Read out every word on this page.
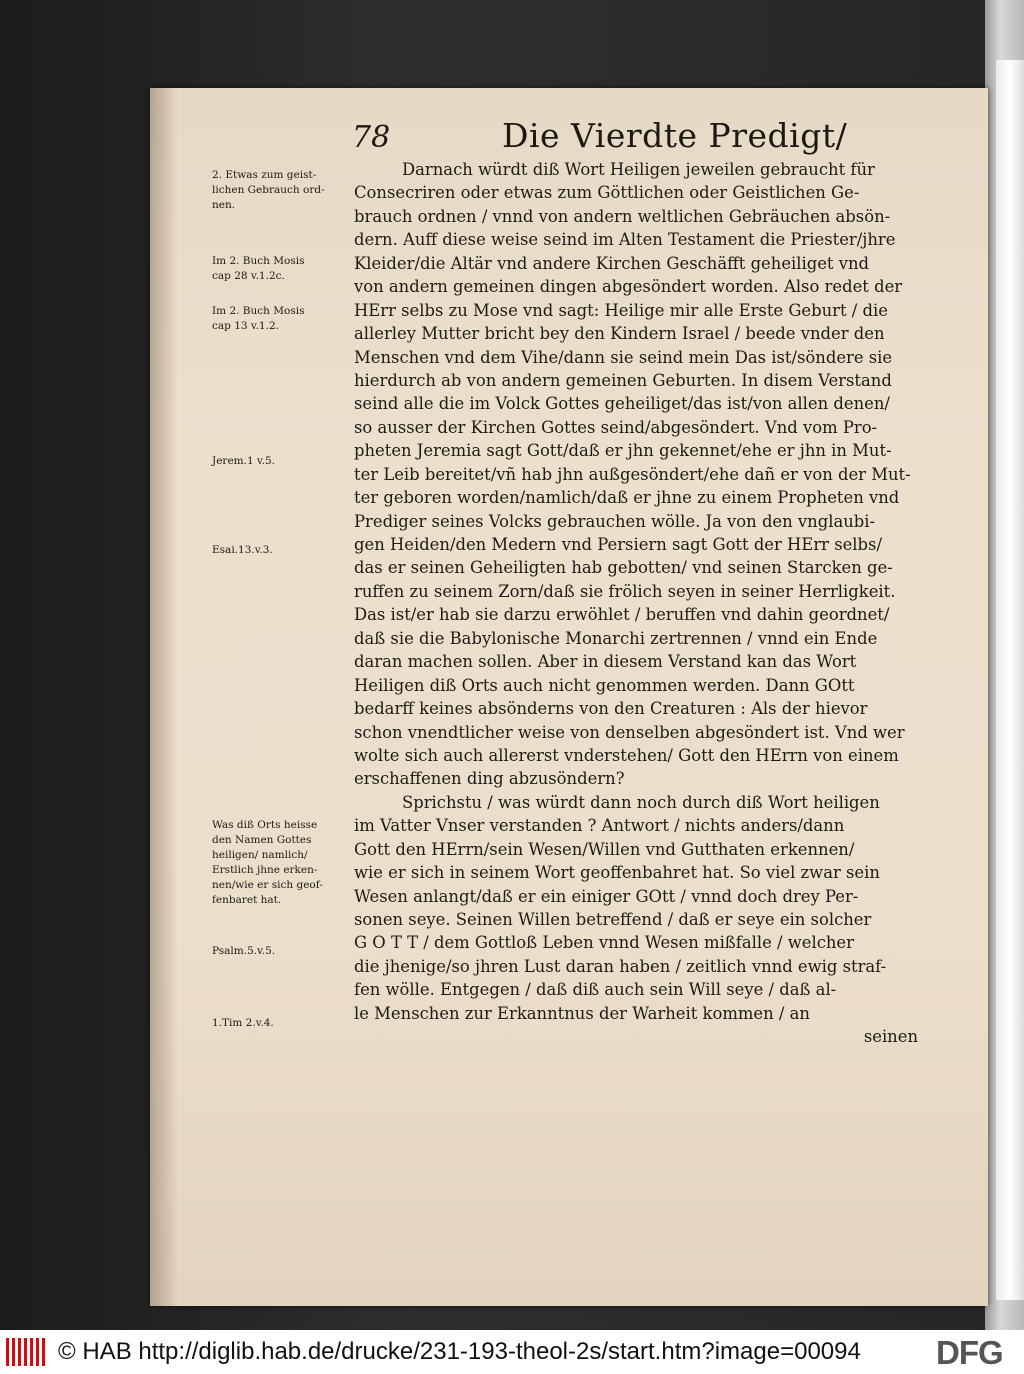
78	Die Vierdte Predigt/
Darnach würdt diß Wort Heiligen jeweilen gebraucht für
Consecriren oder etwas zum Göttlichen oder Geistlichen Ge-
brauch ordnen / vnnd von andern weltlichen Gebräuchen absön-
dern. Auff diese weise seind im Alten Testament die Priester/jhre
Kleider/die Altär vnd andere Kirchen Geschäfft geheiliget vnd
von andern gemeinen dingen abgesöndert worden. Also redet der
HErr selbs zu Mose vnd sagt: Heilige mir alle Erste Geburt / die
allerley Mutter bricht bey den Kindern Israel / beede vnder den
Menschen vnd dem Vihe/dann sie seind mein Das ist/söndere sie
hierdurch ab von andern gemeinen Geburten. In disem Verstand
seind alle die im Volck Gottes geheiliget/das ist/von allen denen/
so ausser der Kirchen Gottes seind/abgesöndert. Vnd vom Pro-
pheten Jeremia sagt Gott/daß er jhn gekennet/ehe er jhn in Mut-
ter Leib bereitet/vñ hab jhn außgesöndert/ehe dañ er von der Mut-
ter geboren worden/namlich/daß er jhne zu einem Propheten vnd
Prediger seines Volcks gebrauchen wölle. Ja von den vnglaubi-
gen Heiden/den Medern vnd Persiern sagt Gott der HErr selbs/
das er seinen Geheiligten hab gebotten/ vnd seinen Starcken ge-
ruffen zu seinem Zorn/daß sie frölich seyen in seiner Herrligkeit.
Das ist/er hab sie darzu erwöhlet / beruffen vnd dahin geordnet/
daß sie die Babylonische Monarchi zertrennen / vnnd ein Ende
daran machen sollen. Aber in diesem Verstand kan das Wort
Heiligen diß Orts auch nicht genommen werden. Dann GOtt
bedarff keines absönderns von den Creaturen : Als der hievor
schon vnendtlicher weise von denselben abgesöndert ist. Vnd wer
wolte sich auch allererst vnderstehen/ Gott den HErrn von einem
erschaffenen ding abzusöndern?
Sprichstu / was würdt dann noch durch diß Wort heiligen
im Vatter Vnser verstanden ? Antwort / nichts anders/dann
Gott den HErrn/sein Wesen/Willen vnd Gutthaten erkennen/
wie er sich in seinem Wort geoffenbahret hat. So viel zwar sein
Wesen anlangt/daß er ein einiger GOtt / vnnd doch drey Per-
sonen seye. Seinen Willen betreffend / daß er seye ein solcher
G O T T / dem Gottloß Leben vnnd Wesen mißfalle / welcher
die jhenige/so jhren Lust daran haben / zeitlich vnnd ewig straf-
fen wölle. Entgegen / daß diß auch sein Will seye / daß al-
le Menschen zur Erkanntnus der Warheit kommen / an
seinen
2. Etwas zum geist-
lichen Gebrauch ord-
nen.
Im 2. Buch Mosis
cap 28 v.1.2c.
Im 2. Buch Mosis
cap 13 v.1.2.
Jerem.1 v.5.
Esai.13.v.3.
Was diß Orts heisse
den Namen Gottes
heiligen/ namlich/
Erstlich jhne erken-
nen/wie er sich geof-
fenbaret hat.
Psalm.5.v.5.
1.Tim 2.v.4.
© HAB http://diglib.hab.de/drucke/231-193-theol-2s/start.htm?image=00094 DFG
